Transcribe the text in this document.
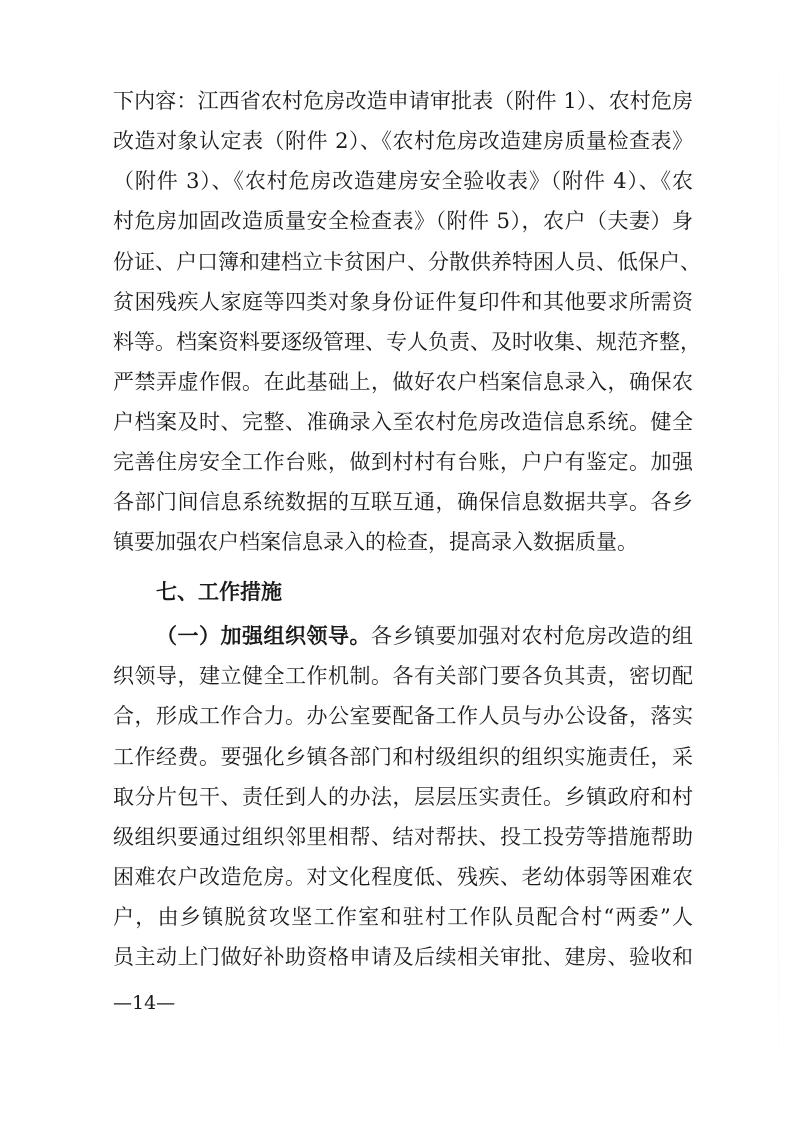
下内容：江西省农村危房改造申请审批表（附件 1）、农村危房
改造对象认定表（附件 2）、《农村危房改造建房质量检查表》
（附件 3）、《农村危房改造建房安全验收表》（附件 4）、《农
村危房加固改造质量安全检查表》（附件 5），农户（夫妻）身
份证、户口簿和建档立卡贫困户、分散供养特困人员、低保户、
贫困残疾人家庭等四类对象身份证件复印件和其他要求所需资
料等。档案资料要逐级管理、专人负责、及时收集、规范齐整，
严禁弄虚作假。在此基础上，做好农户档案信息录入，确保农
户档案及时、完整、准确录入至农村危房改造信息系统。健全
完善住房安全工作台账，做到村村有台账，户户有鉴定。加强
各部门间信息系统数据的互联互通，确保信息数据共享。各乡
镇要加强农户档案信息录入的检查，提高录入数据质量。
七、工作措施
（一）加强组织领导。各乡镇要加强对农村危房改造的组
织领导，建立健全工作机制。各有关部门要各负其责，密切配
合，形成工作合力。办公室要配备工作人员与办公设备，落实
工作经费。要强化乡镇各部门和村级组织的组织实施责任，采
取分片包干、责任到人的办法，层层压实责任。乡镇政府和村
级组织要通过组织邻里相帮、结对帮扶、投工投劳等措施帮助
困难农户改造危房。对文化程度低、残疾、老幼体弱等困难农
户，由乡镇脱贫攻坚工作室和驻村工作队员配合村“两委”人
员主动上门做好补助资格申请及后续相关审批、建房、验收和
—14—
